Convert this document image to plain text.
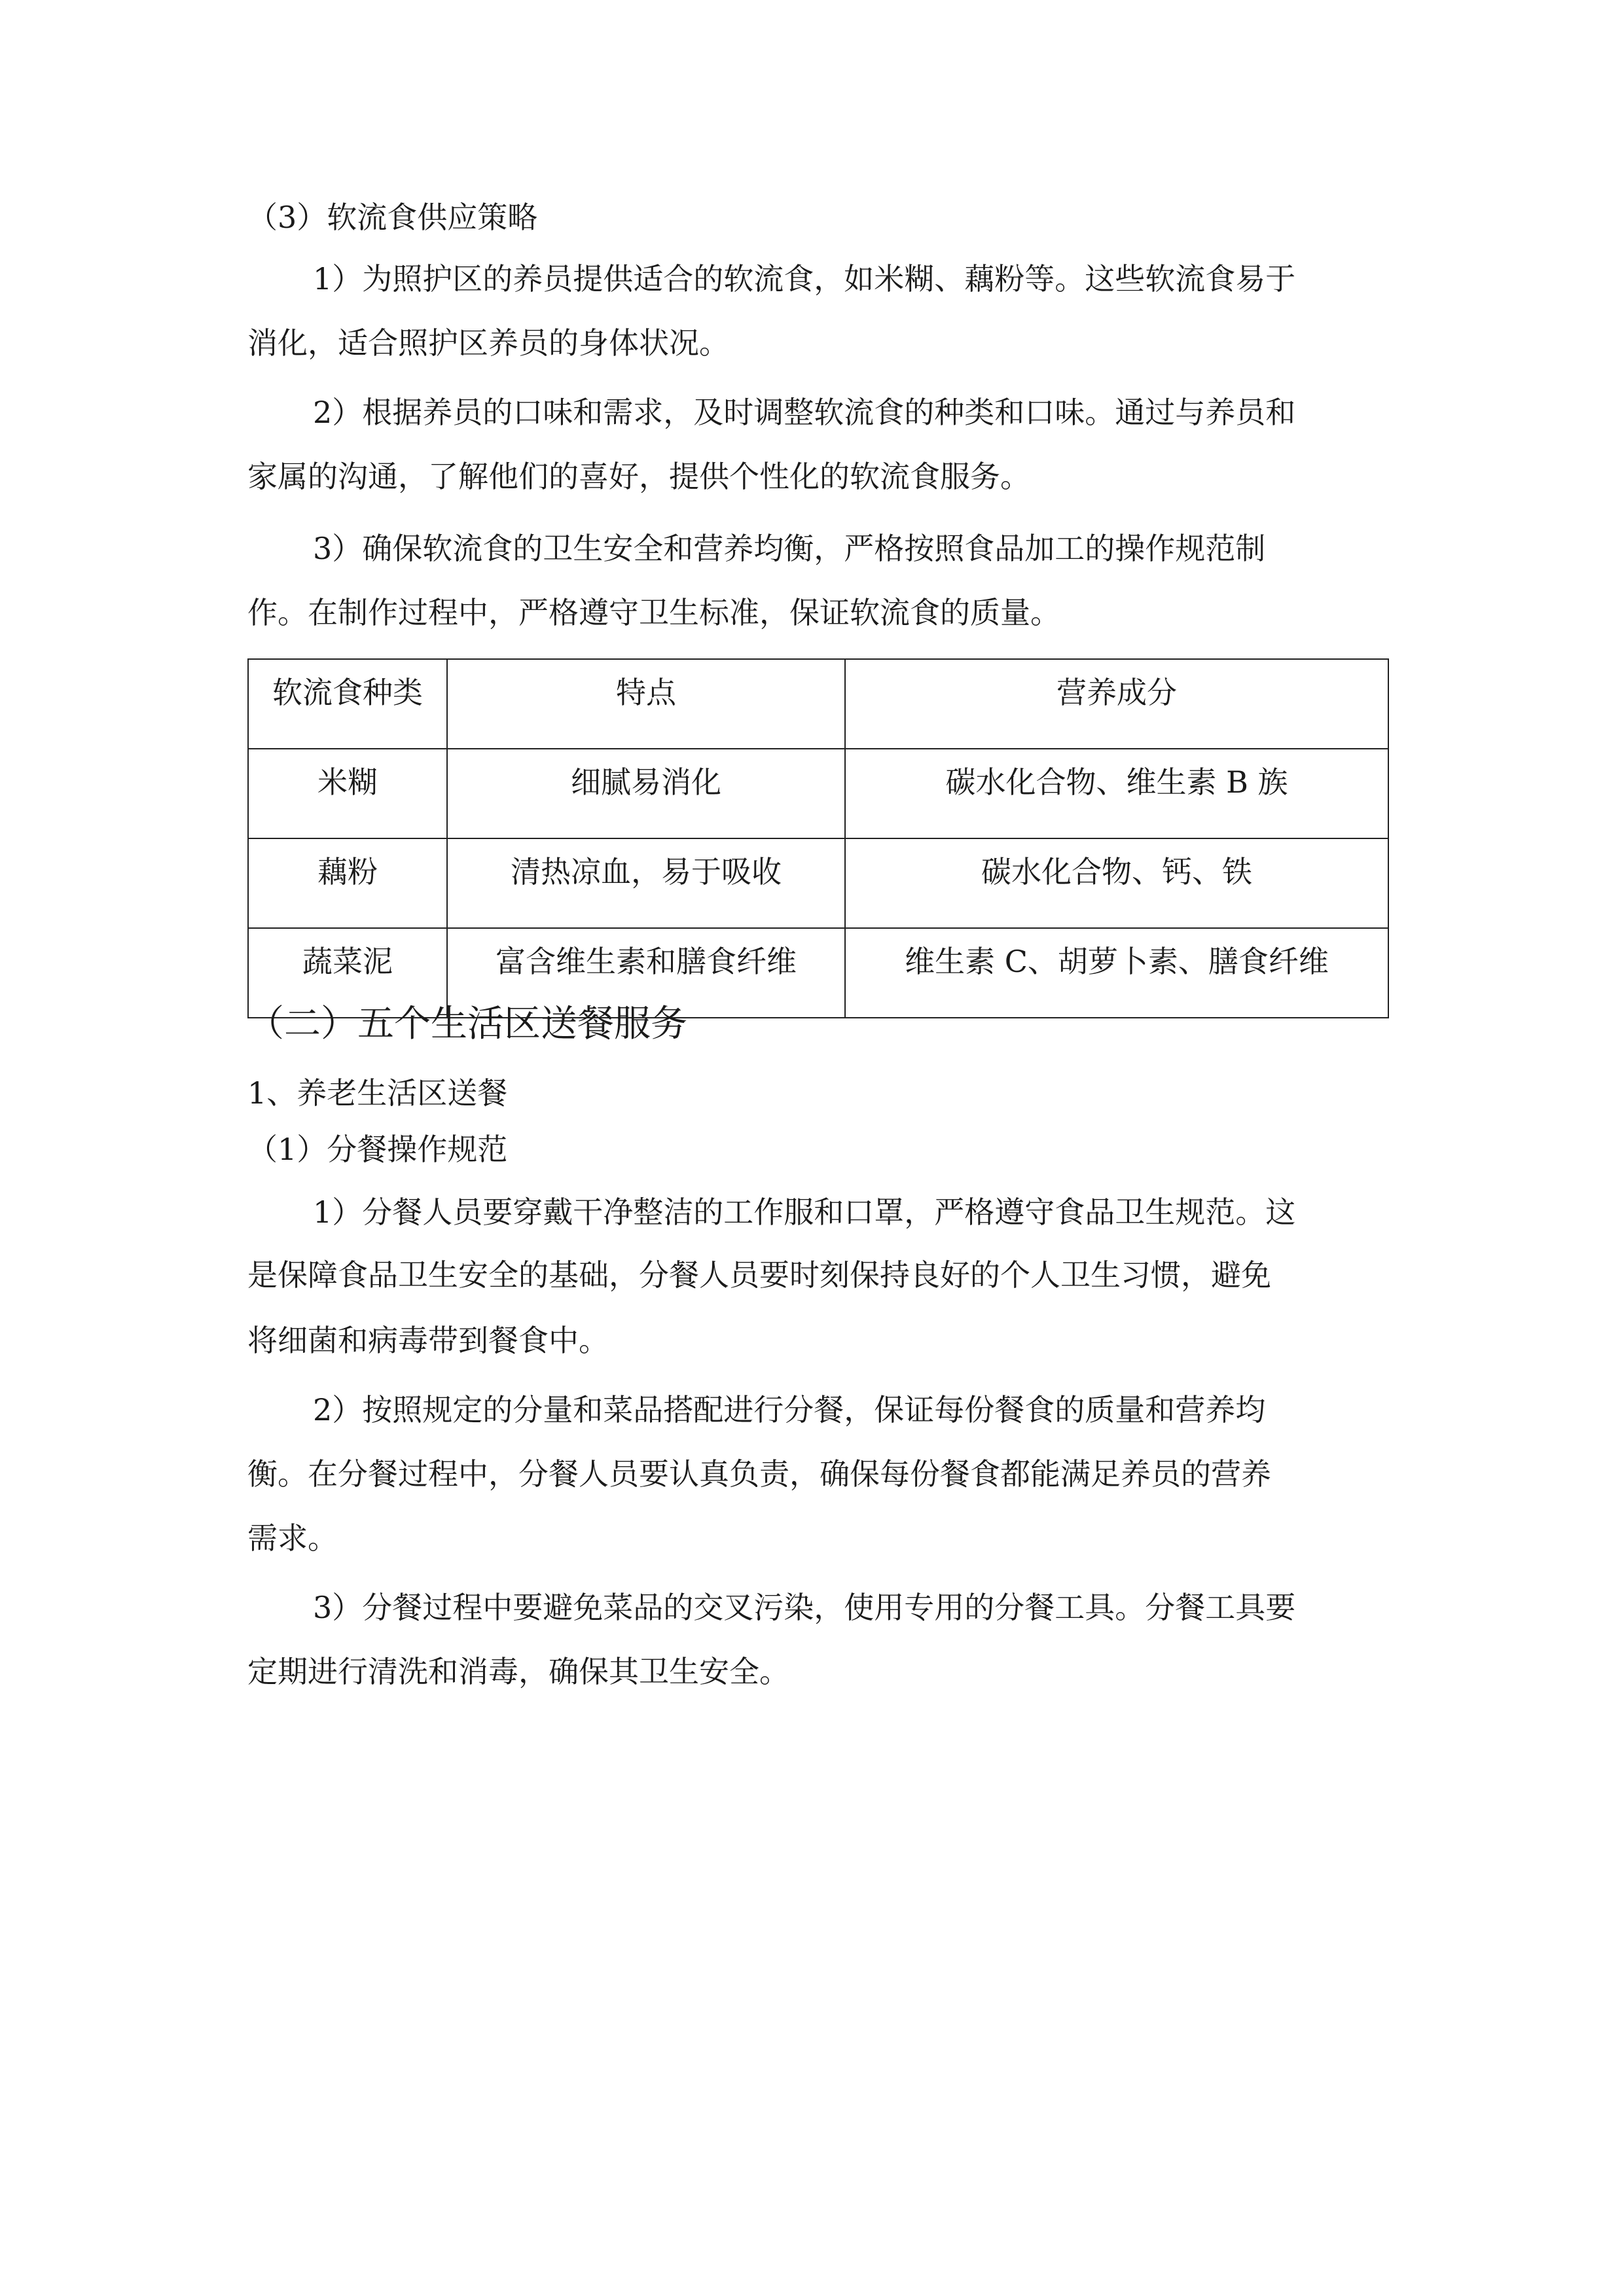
（3）软流食供应策略
1）为照护区的养员提供适合的软流食，如米糊、藕粉等。这些软流食易于
消化，适合照护区养员的身体状况。
2）根据养员的口味和需求，及时调整软流食的种类和口味。通过与养员和
家属的沟通，了解他们的喜好，提供个性化的软流食服务。
3）确保软流食的卫生安全和营养均衡，严格按照食品加工的操作规范制
作。在制作过程中，严格遵守卫生标准，保证软流食的质量。
软流食种类	特点	营养成分
米糊	细腻易消化	碳水化合物、维生素 B 族
藕粉	清热凉血，易于吸收	碳水化合物、钙、铁
蔬菜泥	富含维生素和膳食纤维	维生素 C、胡萝卜素、膳食纤维
（二）五个生活区送餐服务
1、养老生活区送餐
（1）分餐操作规范
1）分餐人员要穿戴干净整洁的工作服和口罩，严格遵守食品卫生规范。这
是保障食品卫生安全的基础，分餐人员要时刻保持良好的个人卫生习惯，避免
将细菌和病毒带到餐食中。
2）按照规定的分量和菜品搭配进行分餐，保证每份餐食的质量和营养均
衡。在分餐过程中，分餐人员要认真负责，确保每份餐食都能满足养员的营养
需求。
3）分餐过程中要避免菜品的交叉污染，使用专用的分餐工具。分餐工具要
定期进行清洗和消毒，确保其卫生安全。
